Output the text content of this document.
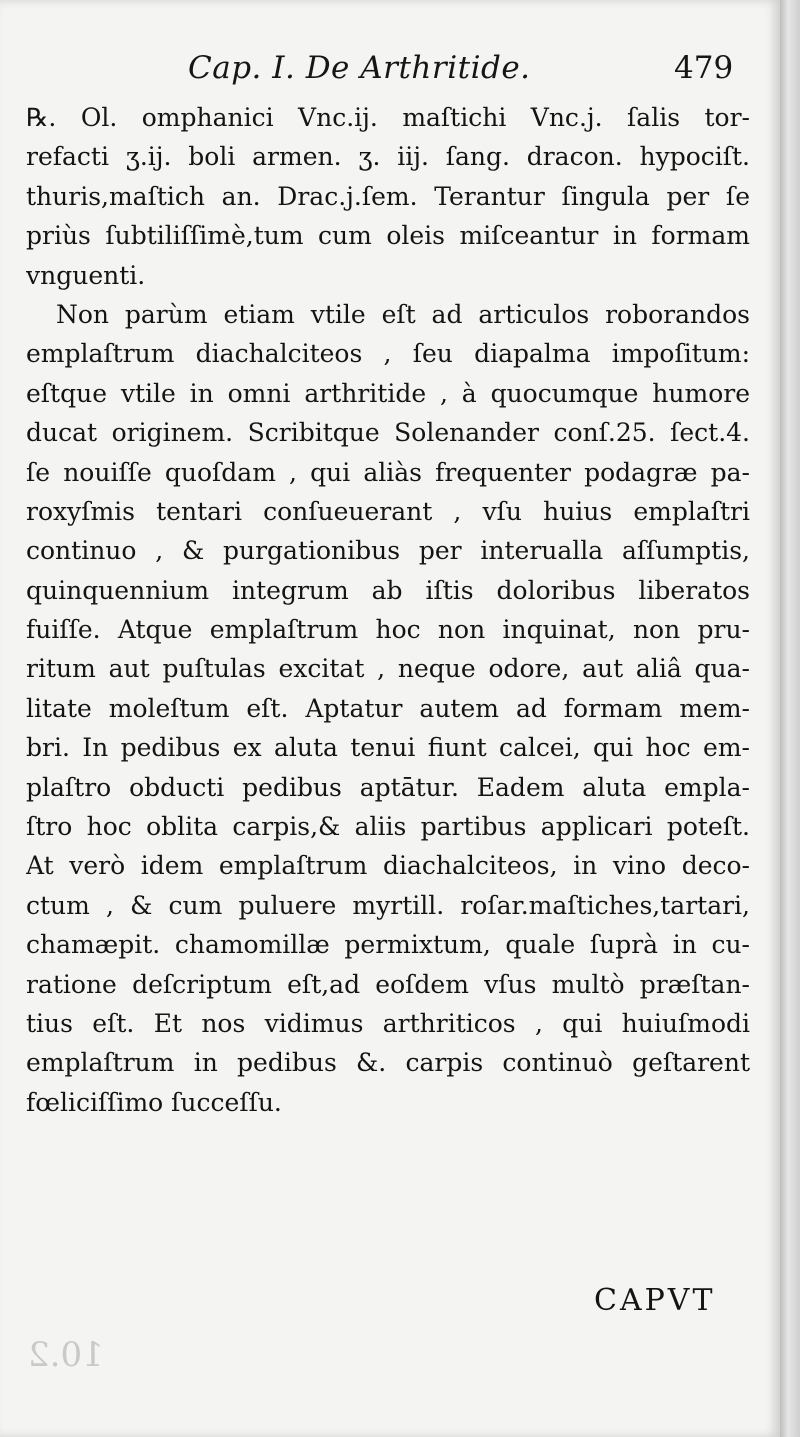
Cap. I. De Arthritide.	479
℞. Ol. omphanici Vnc.ij. maſtichi Vnc.j. ſalis tor-
refacti ʒ.ij. boli armen. ʒ. iij. ſang. dracon. hypociſt.
thuris,maſtich an. Drac.j.ſem. Terantur ſingula per ſe
priùs ſubtiliſſimè,tum cum oleis miſceantur in formam
vnguenti.
Non parùm etiam vtile eſt ad articulos roborandos
emplaſtrum diachalciteos , ſeu diapalma impoſitum:
eſtque vtile in omni arthritide , à quocumque humore
ducat originem. Scribitque Solenander conſ.25. ſect.4.
ſe nouiſſe quoſdam , qui aliàs frequenter podagræ pa-
roxyſmis tentari conſueuerant , vſu huius emplaſtri
continuo , & purgationibus per interualla aſſumptis,
quinquennium integrum ab iſtis doloribus liberatos
fuiſſe. Atque emplaſtrum hoc non inquinat, non pru-
ritum aut puſtulas excitat , neque odore, aut aliâ qua-
litate moleſtum eſt. Aptatur autem ad formam mem-
bri. In pedibus ex aluta tenui fiunt calcei, qui hoc em-
plaſtro obducti pedibus aptātur. Eadem aluta empla-
ſtro hoc oblita carpis,& aliis partibus applicari poteſt.
At verò idem emplaſtrum diachalciteos, in vino deco-
ctum , & cum puluere myrtill. roſar.maſtiches,tartari,
chamæpit. chamomillæ permixtum, quale ſuprà in cu-
ratione deſcriptum eſt,ad eoſdem vſus multò præſtan-
tius eſt. Et nos vidimus arthriticos , qui huiuſmodi
emplaſtrum in pedibus &. carpis continuò geſtarent
fœliciſſimo ſucceſſu.
CAPVT
10.2
